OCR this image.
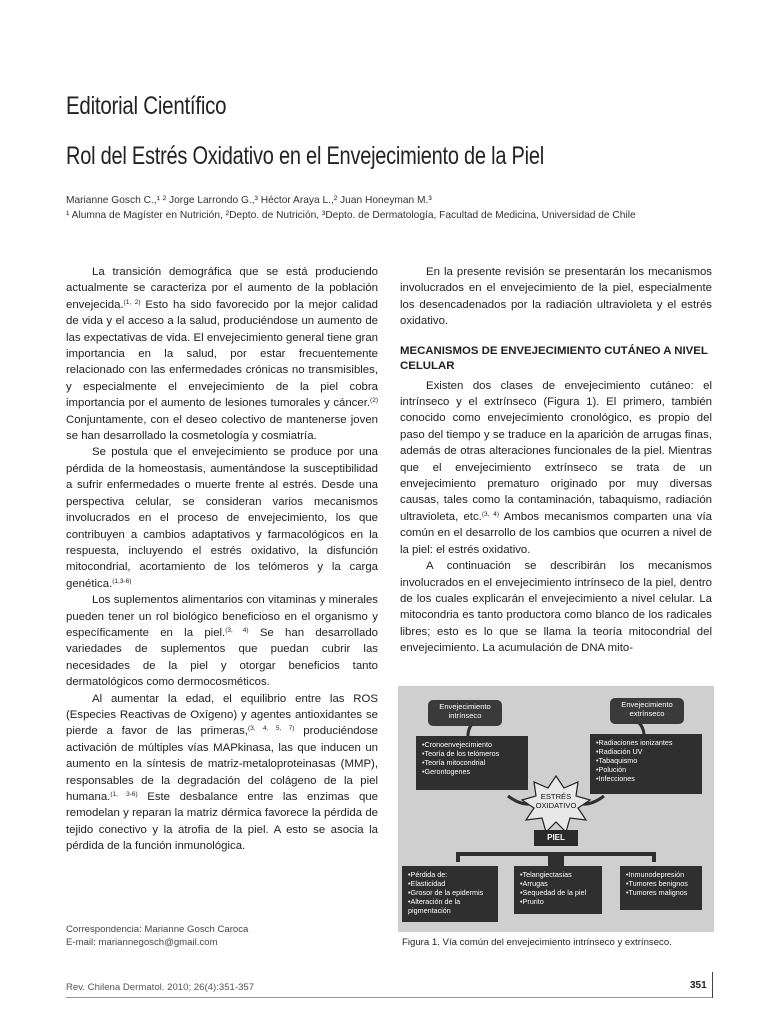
Editorial Científico
Rol del Estrés Oxidativo en el Envejecimiento de la Piel
Marianne Gosch C.,¹ ² Jorge Larrondo G.,³ Héctor Araya L.,² Juan Honeyman M.³
¹ Alumna de Magíster en Nutrición, ²Depto. de Nutrición, ³Depto. de Dermatología, Facultad de Medicina, Universidad de Chile

La transición demográfica que se está produciendo actualmente se caracteriza por el aumento de la población envejecida.$^{(1, 2)}$ Esto ha sido favorecido por la mejor calidad de vida y el acceso a la salud, produciéndose un aumento de las expectativas de vida. El envejecimiento general tiene gran importancia en la salud, por estar frecuentemente relacionado con las enfermedades crónicas no transmisibles, y especialmente el envejecimiento de la piel cobra importancia por el aumento de lesiones tumorales y cáncer.$^{(2)}$ Conjuntamente, con el deseo colectivo de mantenerse joven se han desarrollado la cosmetología y cosmiatría.

Se postula que el envejecimiento se produce por una pérdida de la homeostasis, aumentándose la susceptibilidad a sufrir enfermedades o muerte frente al estrés. Desde una perspectiva celular, se consideran varios mecanismos involucrados en el proceso de envejecimiento, los que contribuyen a cambios adaptativos y farmacológicos en la respuesta, incluyendo el estrés oxidativo, la disfunción mitocondrial, acortamiento de los telómeros y la carga genética.$^{(1,3-6)}$

Los suplementos alimentarios con vitaminas y minerales pueden tener un rol biológico beneficioso en el organismo y específicamente en la piel.$^{(3, 4)}$ Se han desarrollado variedades de suplementos que puedan cubrir las necesidades de la piel y otorgar beneficios tanto dermatológicos como dermocosméticos.

Al aumentar la edad, el equilibrio entre las ROS (Especies Reactivas de Oxígeno) y agentes antioxidantes se pierde a favor de las primeras,$^{(3, 4, 5, 7)}$ produciéndose activación de múltiples vías MAPkinasa, las que inducen un aumento en la síntesis de matriz-metaloproteinasas (MMP), responsables de la degradación del colágeno de la piel humana.$^{(1, 3-6)}$ Este desbalance entre las enzimas que remodelan y reparan la matriz dérmica favorece la pérdida de tejido conectivo y la atrofia de la piel. A esto se asocia la pérdida de la función inmunológica.

En la presente revisión se presentarán los mecanismos involucrados en el envejecimiento de la piel, especialmente los desencadenados por la radiación ultravioleta y el estrés oxidativo.

MECANISMOS DE ENVEJECIMIENTO CUTÁNEO A NIVEL CELULAR

Existen dos clases de envejecimiento cutáneo: el intrínseco y el extrínseco (Figura 1). El primero, también conocido como envejecimiento cronológico, es propio del paso del tiempo y se traduce en la aparición de arrugas finas, además de otras alteraciones funcionales de la piel. Mientras que el envejecimiento extrínseco se trata de un envejecimiento prematuro originado por muy diversas causas, tales como la contaminación, tabaquismo, radiación ultravioleta, etc.$^{(3, 4)}$ Ambos mecanismos comparten una vía común en el desarrollo de los cambios que ocurren a nivel de la piel: el estrés oxidativo.

A continuación se describirán los mecanismos involucrados en el envejecimiento intrínseco de la piel, dentro de los cuales explicarán el envejecimiento a nivel celular. La mitocondria es tanto productora como blanco de los radicales libres; esto es lo que se llama la teoría mitocondrial del envejecimiento. La acumulación de DNA mito-

Envejecimiento intrínseco
Envejecimiento extrínseco
• Cronoenvejecimiento
• Teoría de los telómeros
• Teoría mitocondrial
• Gerontogenes
• Radiaciones ionizantes
• Radiación UV
• Tabaquismo
• Polución
• Infecciones
ESTRÉS OXIDATIVO
PIEL
• Pérdida de:
• Elasticidad
• Grosor de la epidermis
• Alteración de la pigmentación
• Telangiectasias
• Arrugas
• Sequedad de la piel
• Prurito
• Inmunodepresión
• Tumores benignos
• Tumores malignos
Figura 1. Vía común del envejecimiento intrínseco y extrínseco.
Correspondencia: Marianne Gosch Caroca
E-mail: mariannegosch@gmail.com
Rev. Chilena Dermatol. 2010; 26(4):351-357	351
